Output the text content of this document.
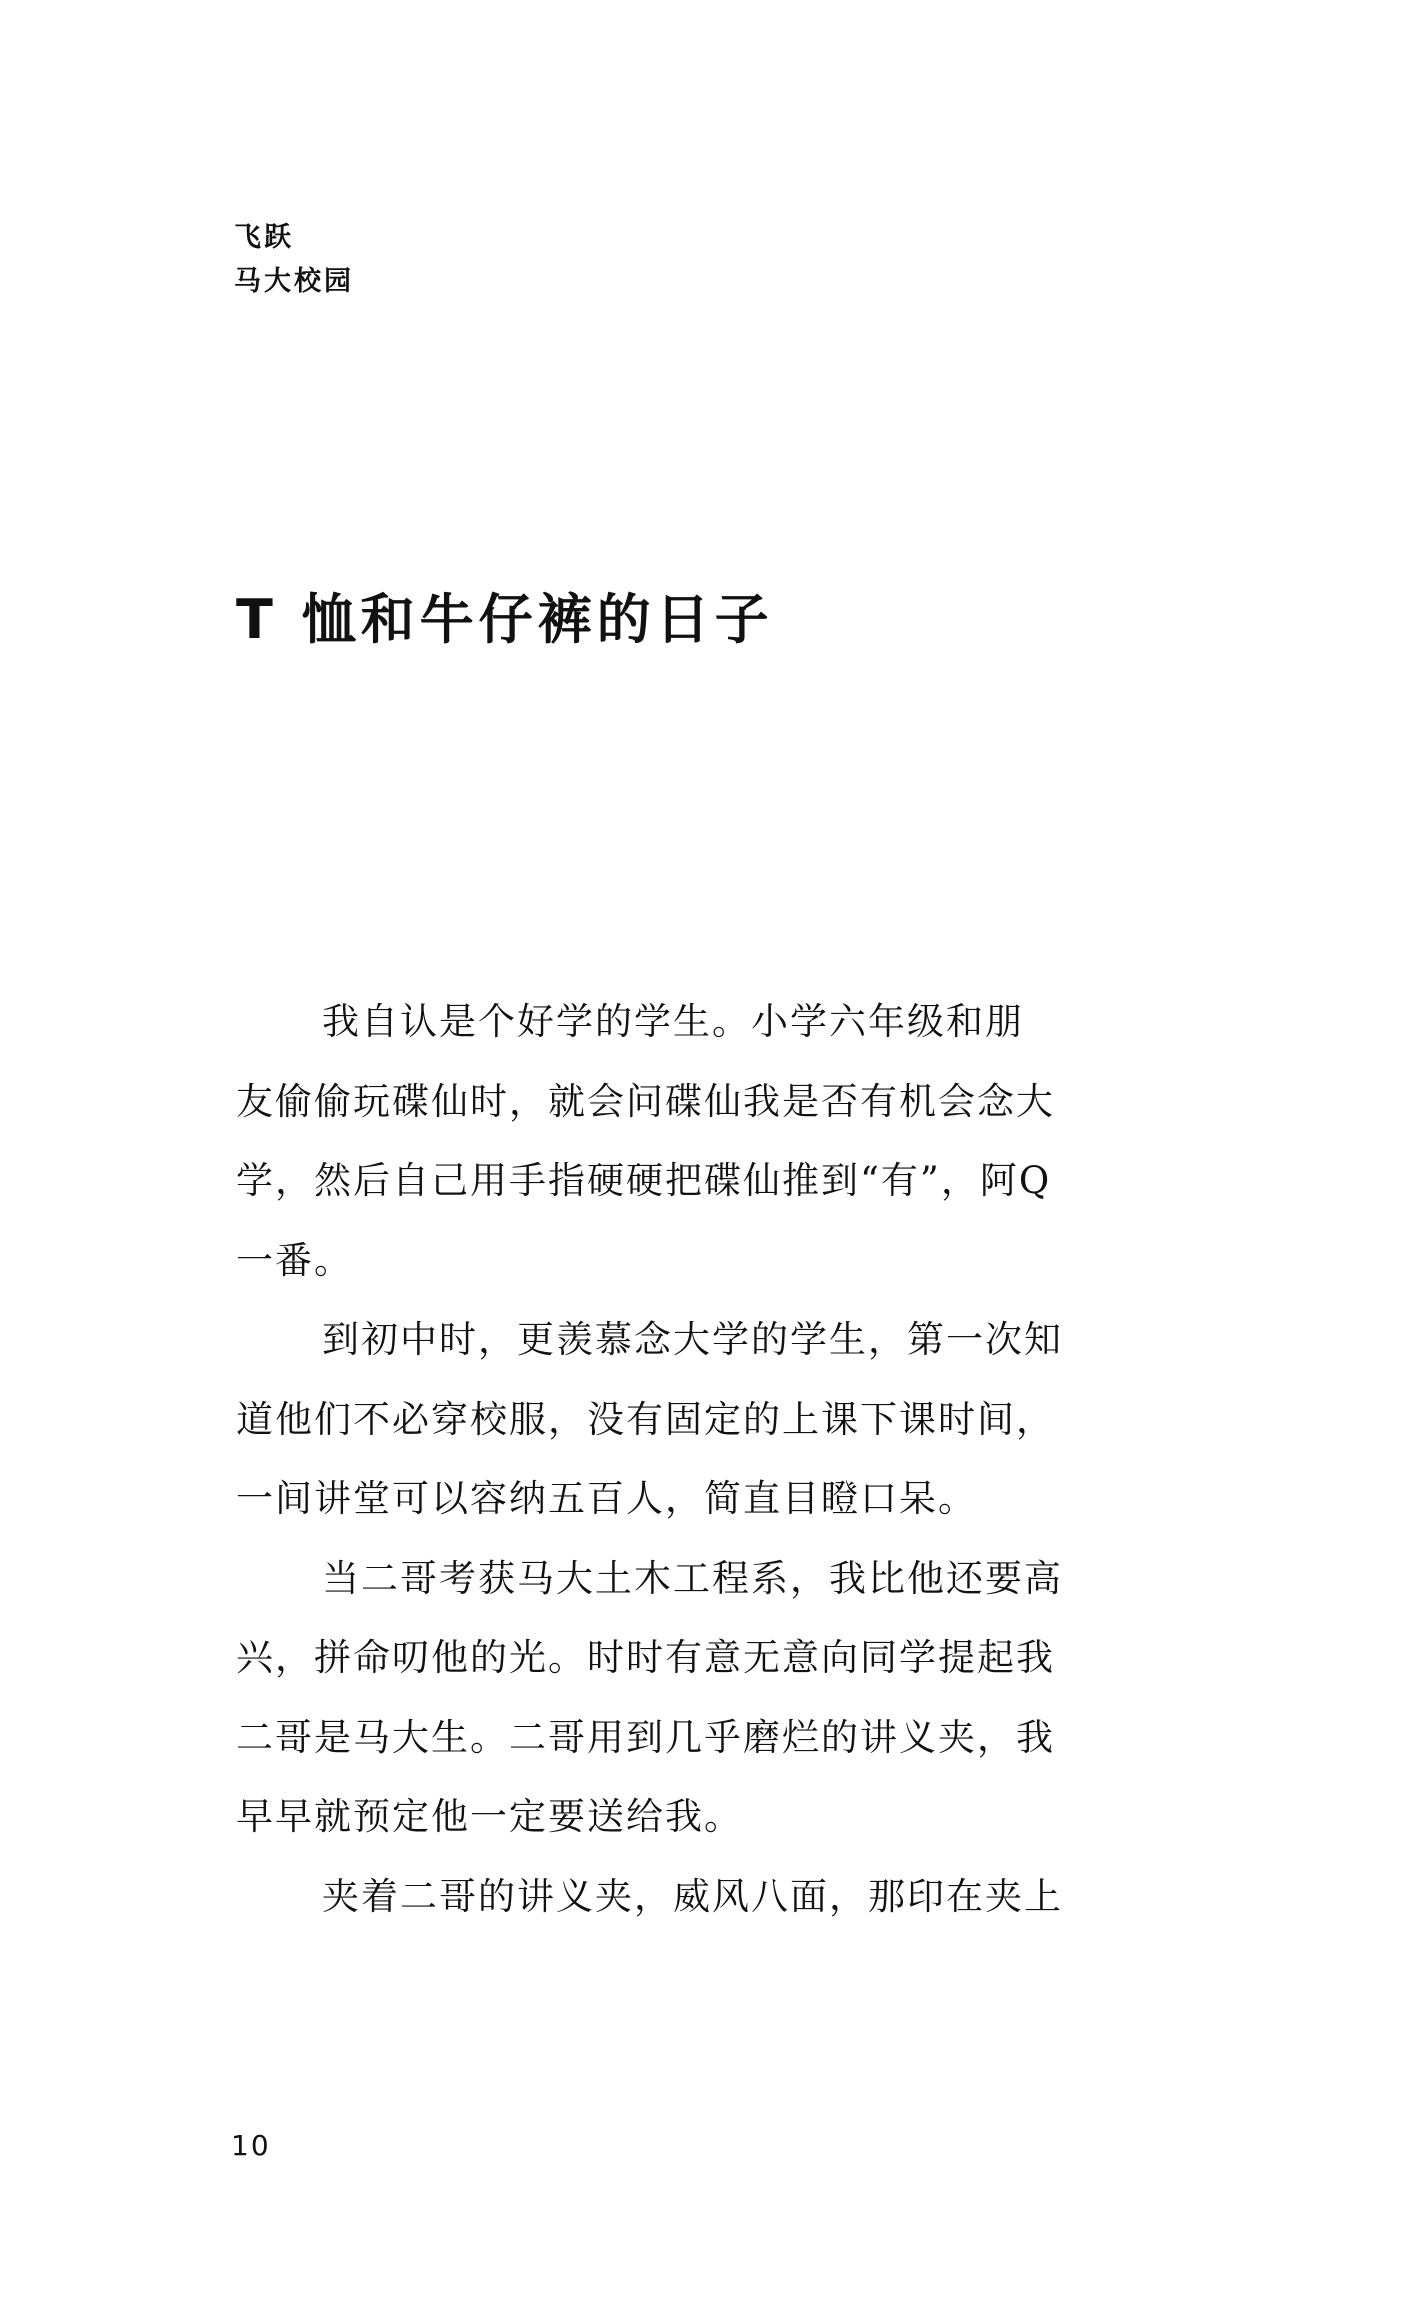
飞跃
马大校园
T 恤和牛仔裤的日子
我自认是个好学的学生。小学六年级和朋
友偷偷玩碟仙时，就会问碟仙我是否有机会念大
学，然后自己用手指硬硬把碟仙推到“有”，阿Q
一番。
到初中时，更羡慕念大学的学生，第一次知
道他们不必穿校服，没有固定的上课下课时间，
一间讲堂可以容纳五百人，简直目瞪口呆。
当二哥考获马大土木工程系，我比他还要高
兴，拼命叨他的光。时时有意无意向同学提起我
二哥是马大生。二哥用到几乎磨烂的讲义夹，我
早早就预定他一定要送给我。
夹着二哥的讲义夹，威风八面，那印在夹上
10
